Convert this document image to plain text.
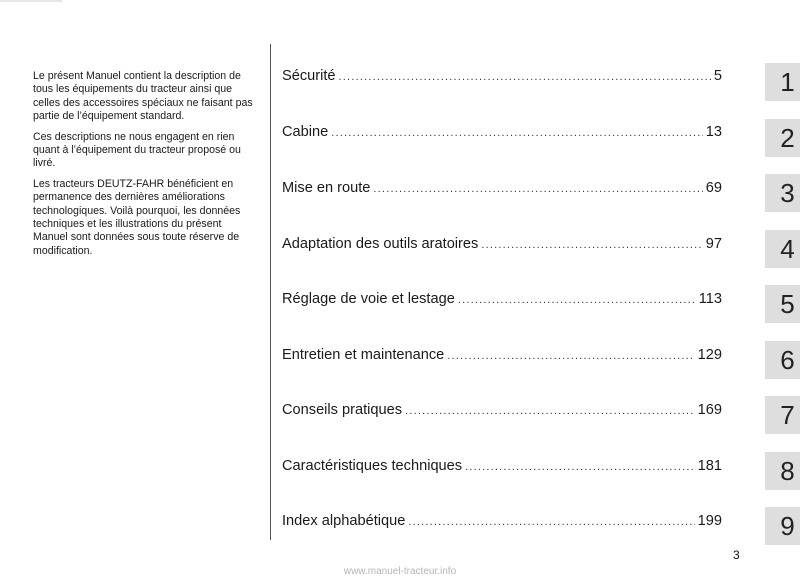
Le présent Manuel contient la description de tous les équipements du tracteur ainsi que celles des accessoires spéciaux ne faisant pas partie de l’équipement standard.

Ces descriptions ne nous engagent en rien quant à l’équipement du tracteur proposé ou livré.

Les tracteurs DEUTZ-FAHR bénéficient en permanence des dernières améliorations technologiques. Voilà pourquoi, les données techniques et les illustrations du présent Manuel sont données sous toute réserve de modification.

Sécurité .....	5
Cabine .....	13
Mise en route .....	69
Adaptation des outils aratoires .....	97
Réglage de voie et lestage .....	113
Entretien et maintenance .....	129
Conseils pratiques .....	169
Caractéristiques techniques .....	181
Index alphabétique .....	199
1
2
3
4
5
6
7
8
9
3
www.manuel-tracteur.info
